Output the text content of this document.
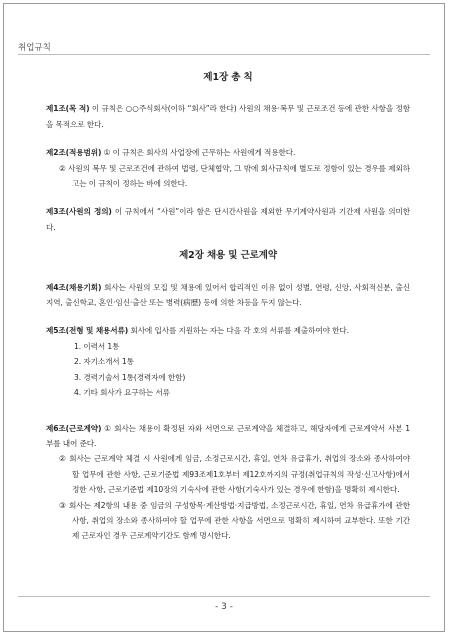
취업규칙
제1장 총 칙
제1조(목 적) 이 규칙은 ○○주식회사(이하 “회사”라 한다) 사원의 채용·복무 및 근로조건 등에 관한 사항을 정함을 목적으로 한다.
제2조(적용범위) ① 이 규칙은 회사의 사업장에 근무하는 사원에게 적용한다.
② 사원의 복무 및 근로조건에 관하여 법령, 단체협약, 그 밖에 회사규칙에 별도로 정함이 있는 경우를 제외하고는 이 규칙이 정하는 바에 의한다.
제3조(사원의 정의) 이 규칙에서 “사원”이라 함은 단시간사원을 제외한 무기계약사원과 기간제 사원을 의미한다.
제2장 채용 및 근로계약
제4조(채용기회) 회사는 사원의 모집 및 채용에 있어서 합리적인 이유 없이 성별, 연령, 신앙, 사회적신분, 출신지역, 출신학교, 혼인·임신·출산 또는 병력(病歷) 등에 의한 차등을 두지 않는다.
제5조(전형 및 채용서류) 회사에 입사를 지원하는 자는 다음 각 호의 서류를 제출하여야 한다.
1. 이력서 1통
2. 자기소개서 1통
3. 경력기술서 1통(경력자에 한함)
4. 기타 회사가 요구하는 서류
제6조(근로계약) ① 회사는 채용이 확정된 자와 서면으로 근로계약을 체결하고, 해당자에게 근로계약서 사본 1부를 내어 준다.
② 회사는 근로계약 체결 시 사원에게 임금, 소정근로시간, 휴일, 연차 유급휴가, 취업의 장소와 종사하여야 할 업무에 관한 사항, 근로기준법 제93조제1호부터 제12호까지의 규정(취업규칙의 작성·신고사항)에서 정한 사항, 근로기준법 제10장의 기숙사에 관한 사항(기숙사가 있는 경우에 한함)을 명확히 제시한다.
③ 회사는 제2항의 내용 중 임금의 구성항목·계산방법·지급방법, 소정근로시간, 휴일, 연차 유급휴가에 관한 사항, 취업의 장소와 종사하여야 할 업무에 관한 사항을 서면으로 명확히 제시하여 교부한다. 또한 기간제 근로자인 경우 근로계약기간도 함께 명시한다.
- 3 -
